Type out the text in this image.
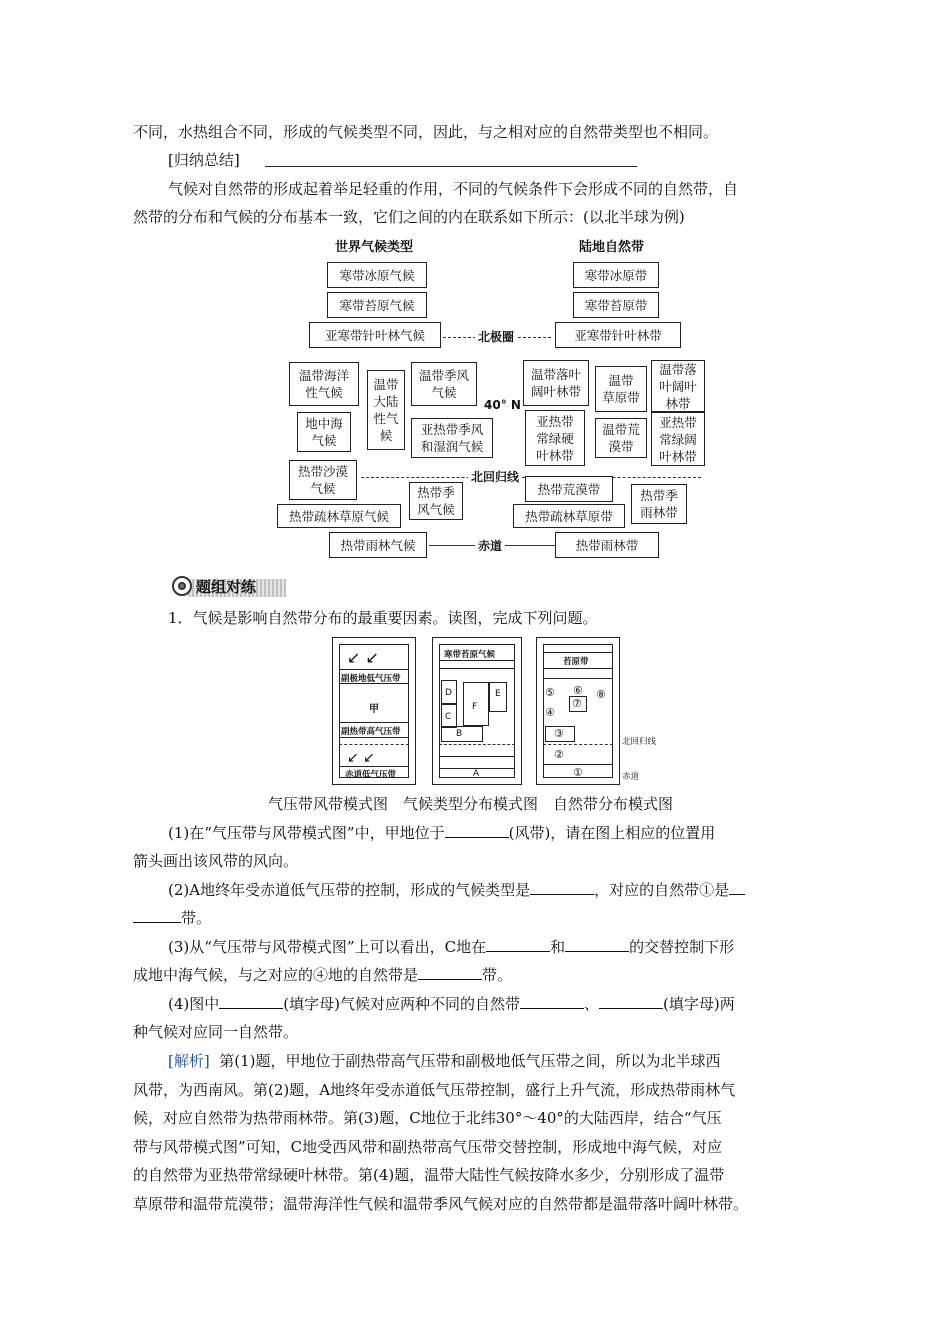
不同，水热组合不同，形成的气候类型不同，因此，与之相对应的自然带类型也不相同。
[归纳总结]
气候对自然带的形成起着举足轻重的作用，不同的气候条件下会形成不同的自然带，自
然带的分布和气候的分布基本一致，它们之间的内在联系如下所示：(以北半球为例)
世界气候类型	陆地自然带
寒带冰原气候	寒带冰原带
寒带苔原气候	寒带苔原带
亚寒带针叶林气候	北极圈	亚寒带针叶林带
温带海洋
性气候
温带
大陆
性气
候
温带季风
气候
温带落叶
阔叶林带
温带
草原带
温带落
叶阔叶
林带
40° N
地中海
气候
亚热带季风
和湿润气候
亚热带
常绿硬
叶林带
温带荒
漠带
亚热带
常绿阔
叶林带
热带沙漠
气候
北回归线
热带季
风气候
热带荒漠带	热带季
雨林带
热带疏林草原气候	热带疏林草原带
热带雨林气候	赤道	热带雨林带
题组对练
1．气候是影响自然带分布的最重要因素。读图，完成下列问题。
↙ ↙
副极地低气压带
甲
副热带高气压带
↙ ↙
赤道低气压带
寒带苔原气候
D
C
F
E
B
A
苔原带
⑤
④
⑥
⑦
⑧
③
②
①
北回归线
赤道
气压带风带模式图　气候类型分布模式图　自然带分布模式图
(1)在“气压带与风带模式图”中，甲地位于	(风带)，请在图上相应的位置用
箭头画出该风带的风向。
(2)A地终年受赤道低气压带的控制，形成的气候类型是	，对应的自然带①是
带。
(3)从“气压带与风带模式图”上可以看出，C地在	和	的交替控制下形
成地中海气候，与之对应的④地的自然带是	带。
(4)图中	(填字母)气候对应两种不同的自然带	、	(填字母)两
种气候对应同一自然带。
[解析] 第(1)题，甲地位于副热带高气压带和副极地低气压带之间，所以为北半球西
风带，为西南风。第(2)题，A地终年受赤道低气压带控制，盛行上升气流，形成热带雨林气
候，对应自然带为热带雨林带。第(3)题，C地位于北纬30°～40°的大陆西岸，结合“气压
带与风带模式图”可知，C地受西风带和副热带高气压带交替控制，形成地中海气候，对应
的自然带为亚热带常绿硬叶林带。第(4)题，温带大陆性气候按降水多少，分别形成了温带
草原带和温带荒漠带；温带海洋性气候和温带季风气候对应的自然带都是温带落叶阔叶林带。
